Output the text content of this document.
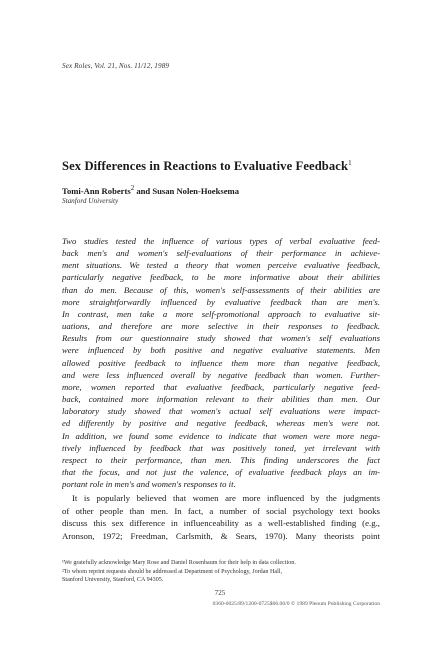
Sex Roles, Vol. 21, Nos. 11/12, 1989
Sex Differences in Reactions to Evaluative Feedback$^1$
Tomi-Ann Roberts$^2$ and Susan Nolen-Hoeksema
Stanford University
Two studies tested the influence of various types of verbal evaluative feed-
back men's and women's self-evaluations of their performance in achieve-
ment situations. We tested a theory that women perceive evaluative feedback,
particularly negative feedback, to be more informative about their abilities
than do men. Because of this, women's self-assessments of their abilities are
more straightforwardly influenced by evaluative feedback than are men's.
In contrast, men take a more self-promotional approach to evaluative sit-
uations, and therefore are more selective in their responses to feedback.
Results from our questionnaire study showed that women's self evaluations
were influenced by both positive and negative evaluative statements. Men
allowed positive feedback to influence them more than negative feedback,
and were less influenced overall by negative feedback than women. Further-
more, women reported that evaluative feedback, particularly negative feed-
back, contained more information relevant to their abilities than men. Our
laboratory study showed that women's actual self evaluations were impact-
ed differently by positive and negative feedback, whereas men's were not.
In addition, we found some evidence to indicate that women were more nega-
tively influenced by feedback that was positively toned, yet irrelevant with
respect to their performance, than men. This finding underscores the fact
that the focus, and not just the valence, of evaluative feedback plays an im-
portant role in men's and women's responses to it.
It is popularly believed that women are more influenced by the judgments
of other people than men. In fact, a number of social psychology text books
discuss this sex difference in influenceability as a well-established finding (e.g.,
Aronson, 1972; Freedman, Carlsmith, & Sears, 1970). Many theorists point
¹We gratefully acknowledge Mary Rose and Daniel Rosenbaum for their help in data collection.
²To whom reprint requests should be addressed at Department of Psychology, Jordan Hall,
Stanford University, Stanford, CA 94305.
725
0360-0025/89/1200-0725$06.00/0 © 1989 Plenum Publishing Corporation
